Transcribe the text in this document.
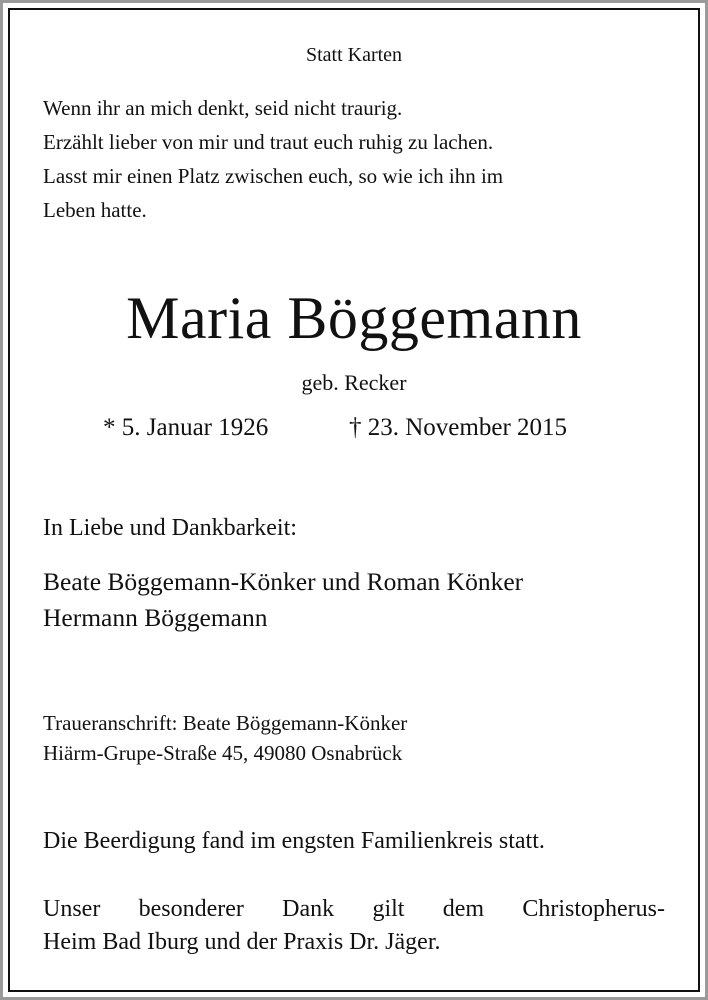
Statt Karten
Wenn ihr an mich denkt, seid nicht traurig.
Erzählt lieber von mir und traut euch ruhig zu lachen.
Lasst mir einen Platz zwischen euch, so wie ich ihn im
Leben hatte.
Maria Böggemann
geb. Recker
* 5. Januar 1926	† 23. November 2015
In Liebe und Dankbarkeit:
Beate Böggemann-Könker und Roman Könker
Hermann Böggemann
Traueranschrift: Beate Böggemann-Könker
Hiärm-Grupe-Straße 45, 49080 Osnabrück
Die Beerdigung fand im engsten Familienkreis statt.
Unser besonderer Dank gilt dem Christopherus-
Heim Bad Iburg und der Praxis Dr. Jäger.
